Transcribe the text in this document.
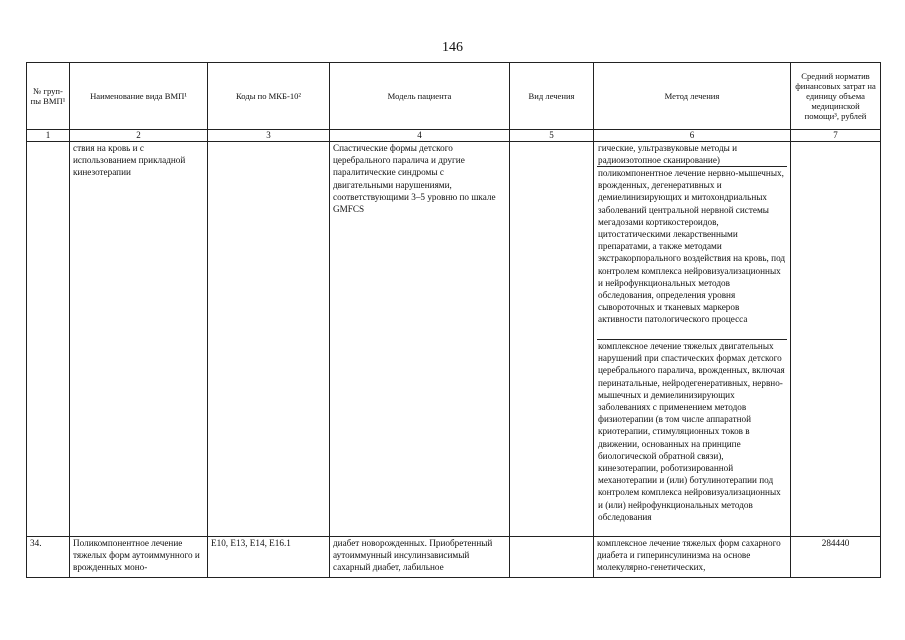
146
№ груп-пы ВМП¹	Наименование вида ВМП¹	Коды по МКБ-10²	Модель пациента	Вид лечения	Метод лечения	Средний норматив финансовых затрат на единицу объема медицинской помощи³, рублей
1	2	3	4	5	6	7
	ствия на кровь и с использованием прикладной кинезотерапии		Спастические формы детского церебрального паралича и другие паралитические синдромы с двигательными нарушениями, соответствующими 3–5 уровню по шкале GMFCS		гические, ультразвуковые методы и радиоизотопное сканирование)
поликомпонентное лечение нервно-мышечных, врожденных, дегенеративных и демиелинизирующих и митохондриальных заболеваний центральной нервной системы мегадозами кортикостероидов, цитостатическими лекарственными препаратами, а также методами экстракорпорального воздействия на кровь, под контролем комплекса нейровизуализационных и нейрофункциональных методов обследования, определения уровня сывороточных и тканевых маркеров активности патологического процесса
комплексное лечение тяжелых двигательных нарушений при спастических формах детского церебрального паралича, врожденных, включая перинатальные, нейродегенеративных, нервно-мышечных и демиелинизирующих заболеваниях с применением методов физиотерапии (в том числе аппаратной криотерапии, стимуляционных токов в движении, основанных на принципе биологической обратной связи), кинезотерапии, роботизированной механотерапии и (или) ботулинотерапии под контролем комплекса нейровизуализационных и (или) нейрофункциональных методов обследования	

34.	Поликомпонентное лечение тяжелых форм аутоиммунного и врожденных моно-	E10, E13, E14, E16.1	диабет новорожденных. Приобретенный аутоиммунный инсулинзависимый сахарный диабет, лабильное		комплексное лечение тяжелых форм сахарного диабета и гиперинсулинизма на основе молекулярно-генетических,	284440
